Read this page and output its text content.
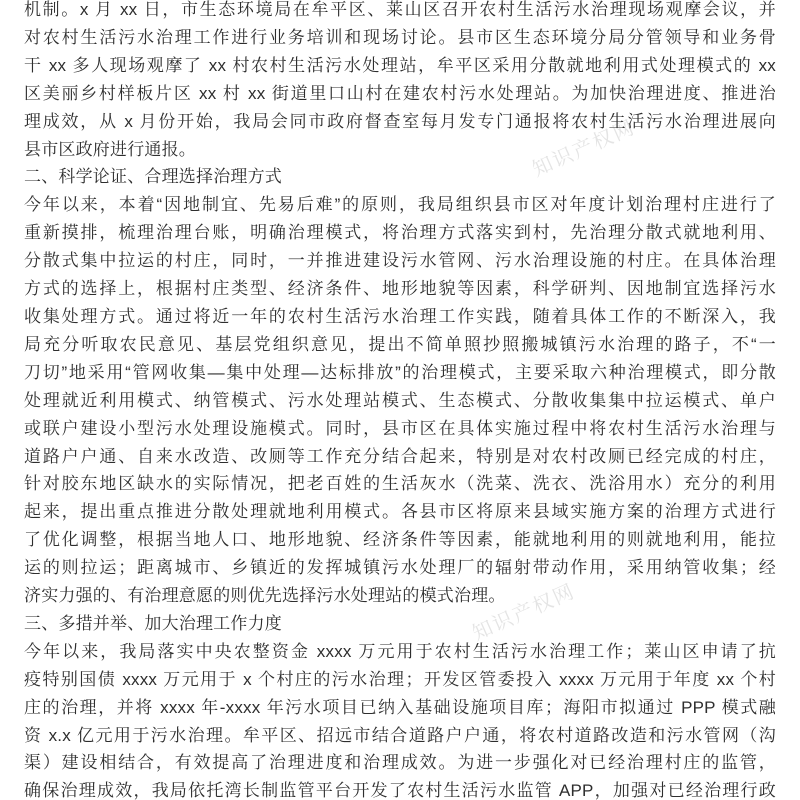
知识产权网
知识产权网
机制。x 月 xx 日，市生态环境局在牟平区、莱山区召开农村生活污水治理现场观摩会议，并
对农村生活污水治理工作进行业务培训和现场讨论。县市区生态环境分局分管领导和业务骨
干 xx 多人现场观摩了 xx 村农村生活污水处理站，牟平区采用分散就地利用式处理模式的 xx
区美丽乡村样板片区 xx 村 xx 街道里口山村在建农村污水处理站。为加快治理进度、推进治
理成效，从 x 月份开始，我局会同市政府督查室每月发专门通报将农村生活污水治理进展向
县市区政府进行通报。
二、科学论证、合理选择治理方式
今年以来，本着“因地制宜、先易后难”的原则，我局组织县市区对年度计划治理村庄进行了
重新摸排，梳理治理台账，明确治理模式，将治理方式落实到村，先治理分散式就地利用、
分散式集中拉运的村庄，同时，一并推进建设污水管网、污水治理设施的村庄。在具体治理
方式的选择上，根据村庄类型、经济条件、地形地貌等因素，科学研判、因地制宜选择污水
收集处理方式。通过将近一年的农村生活污水治理工作实践，随着具体工作的不断深入，我
局充分听取农民意见、基层党组织意见，提出不简单照抄照搬城镇污水治理的路子，不“一
刀切”地采用“管网收集—集中处理—达标排放”的治理模式，主要采取六种治理模式，即分散
处理就近利用模式、纳管模式、污水处理站模式、生态模式、分散收集集中拉运模式、单户
或联户建设小型污水处理设施模式。同时，县市区在具体实施过程中将农村生活污水治理与
道路户户通、自来水改造、改厕等工作充分结合起来，特别是对农村改厕已经完成的村庄，
针对胶东地区缺水的实际情况，把老百姓的生活灰水（洗菜、洗衣、洗浴用水）充分的利用
起来，提出重点推进分散处理就地利用模式。各县市区将原来县域实施方案的治理方式进行
了优化调整，根据当地人口、地形地貌、经济条件等因素，能就地利用的则就地利用，能拉
运的则拉运；距离城市、乡镇近的发挥城镇污水处理厂的辐射带动作用，采用纳管收集；经
济实力强的、有治理意愿的则优先选择污水处理站的模式治理。
三、多措并举、加大治理工作力度
今年以来，我局落实中央农整资金 xxxx 万元用于农村生活污水治理工作；莱山区申请了抗
疫特别国债 xxxx 万元用于 x 个村庄的污水治理；开发区管委投入 xxxx 万元用于年度 xx 个村
庄的治理，并将 xxxx 年-xxxx 年污水项目已纳入基础设施项目库；海阳市拟通过 PPP 模式融
资 x.x 亿元用于污水治理。牟平区、招远市结合道路户户通，将农村道路改造和污水管网（沟
渠）建设相结合，有效提高了治理进度和治理成效。为进一步强化对已经治理村庄的监管，
确保治理成效，我局依托湾长制监管平台开发了农村生活污水监管 APP，加强对已经治理行政
